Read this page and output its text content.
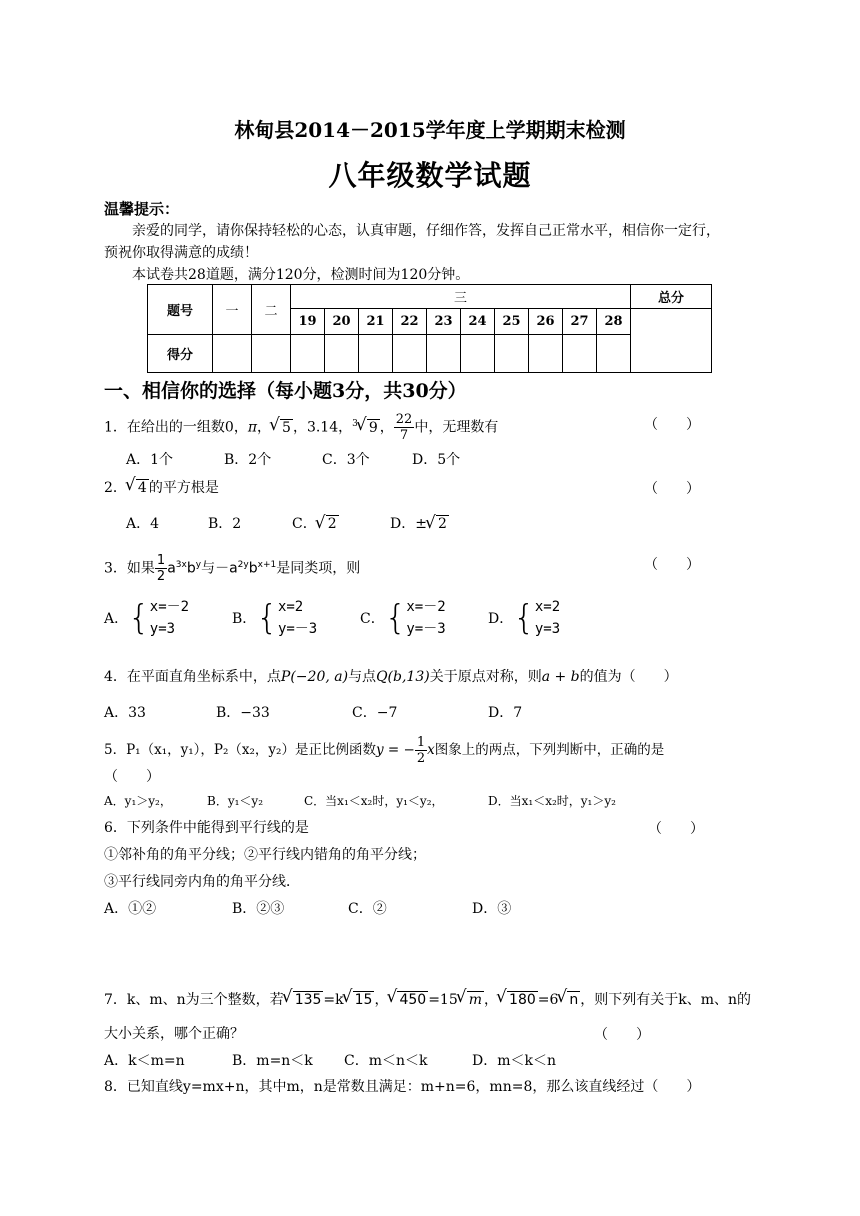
林甸县2014－2015学年度上学期期末检测
八年级数学试题
温馨提示：
亲爱的同学，请你保持轻松的心态，认真审题，仔细作答，发挥自己正常水平，相信你一定行，
预祝你取得满意的成绩！
本试卷共28道题，满分120分，检测时间为120分钟。
题号	一	二	三										总分
			19	20	21	22	23	24	25	26	27	28	
得分													
一、相信你的选择（每小题3分，共30分）
1．在给出的一组数0，π， √ 5 ，3.14，$^3$ √ 9 ， $\frac{22}{7}$ 中，无理数有	（　　）
A．1个	B．2个	C．3个	D．5个
2． √ 4 的平方根是	（　　）
A．4	B．2	C． √ 2	D．± √ 2
3．如果 $\frac{1}{2} a^{3x}b^y$与$-a^{2y}b^{x+1}$是同类项，则	（　　）
A．{ x=－2
y=3
B．{ x=2
y=－3
C．{ x=－2
y=－3
D．{ x=2
y=3
4．在平面直角坐标系中，点P(−20, a)与点Q(b,13)关于原点对称，则a + b的值为（　　）
A．33	B．−33	C．−7	D．7
5．P₁（x₁，y₁），P₂（x₂，y₂）是正比例函数y = − $\frac{1}{2}$ x图象上的两点，下列判断中，正确的是
（　　）
A．y₁＞y₂，	B．y₁＜y₂	C．当x₁＜x₂时，y₁＜y₂，	D．当x₁＜x₂时，y₁＞y₂
6．下列条件中能得到平行线的是	（　　）
①邻补角的角平分线；②平行线内错角的角平分线；
③平行线同旁内角的角平分线．
A．①②	B．②③	C．②	D．③
7．k、m、n为三个整数，若 √ 135 =k √ 15 ， √ 450 =15 √ m ， √ 180 =6 √ n ，则下列有关于k、m、n的
大小关系，哪个正确？	（　　）
A．k＜m=n	B．m=n＜k C．m＜n＜k	D．m＜k＜n
8．已知直线y=mx+n，其中m，n是常数且满足：m+n=6，mn=8，那么该直线经过（　　）
